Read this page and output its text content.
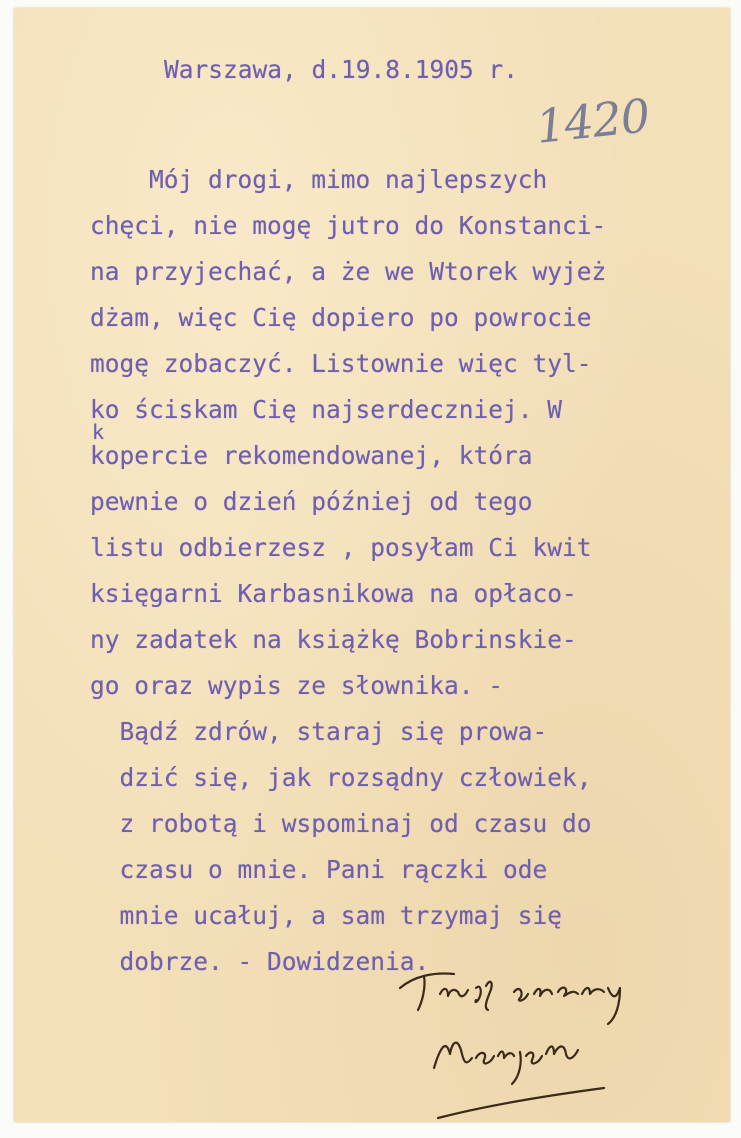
Warszawa, d.19.8.1905 r.
1420
Mój drogi, mimo najlepszych
chęci, nie mogę jutro do Konstanci-
na przyjechać, a że we Wtorek wyjeż
dżam, więc Cię dopiero po powrocie
mogę zobaczyć. Listownie więc tyl-
ko ściskam Cię najserdeczniej. W
k
kopercie rekomendowanej, która
pewnie o dzień później od tego
listu odbierzesz , posyłam Ci kwit
księgarni Karbasnikowa na opłaco-
ny zadatek na książkę Bobrinskie-
go oraz wypis ze słownika. -
Bądź zdrów, staraj się prowa-
dzić się, jak rozsądny człowiek,
z robotą i wspominaj od czasu do
czasu o mnie. Pani rączki ode
mnie ucałuj, a sam trzymaj się
dobrze. - Dowidzenia.
